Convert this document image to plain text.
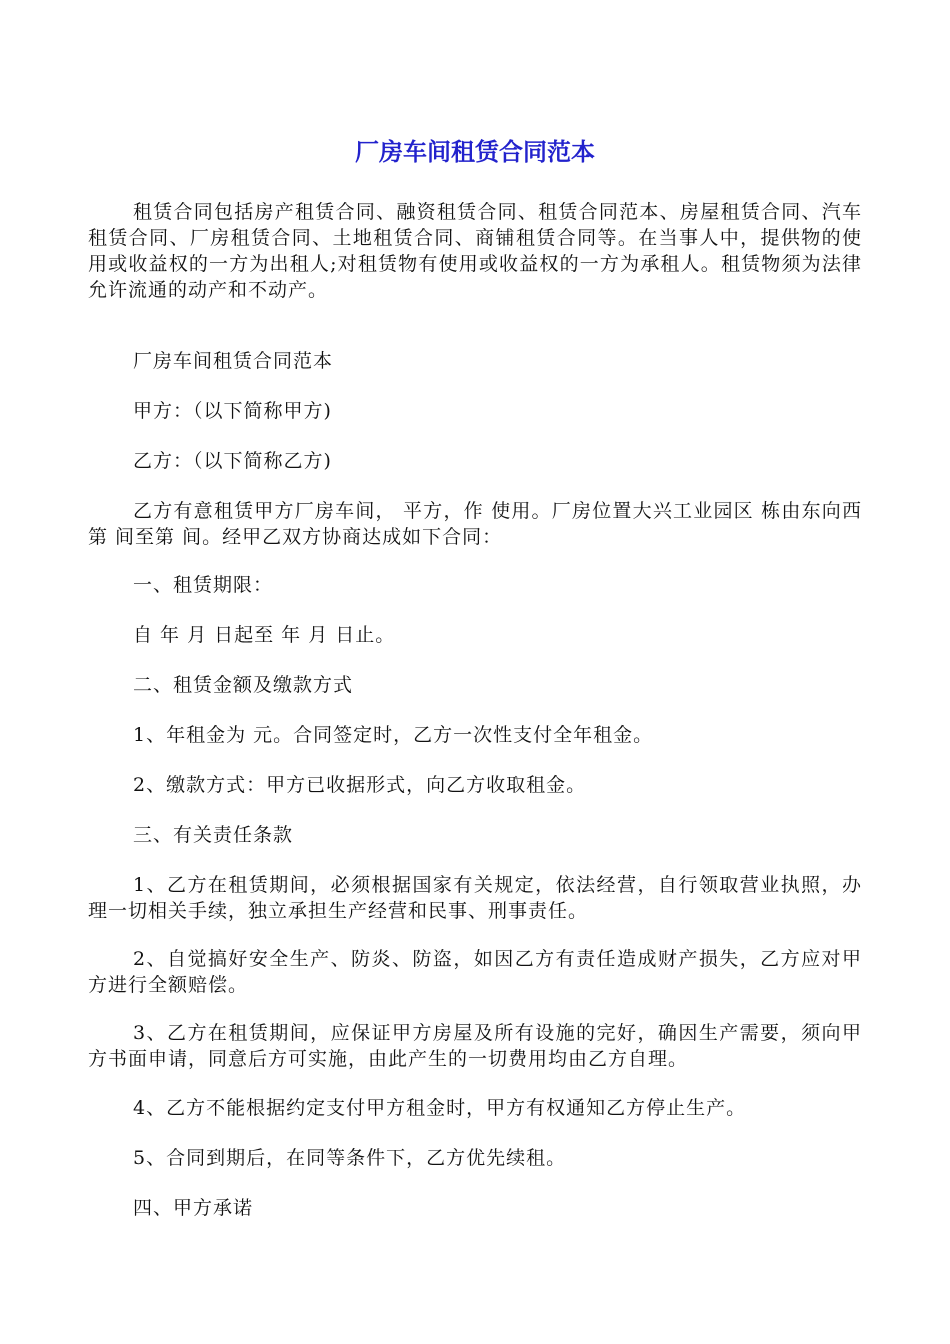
厂房车间租赁合同范本

租赁合同包括房产租赁合同、融资租赁合同、租赁合同范本、房屋租赁合同、汽车租赁合同、厂房租赁合同、土地租赁合同、商铺租赁合同等。在当事人中，提供物的使用或收益权的一方为出租人;对租赁物有使用或收益权的一方为承租人。租赁物须为法律允许流通的动产和不动产。

厂房车间租赁合同范本

甲方：（以下简称甲方)

乙方：（以下简称乙方)

乙方有意租赁甲方厂房车间， 平方，作 使用。厂房位置大兴工业园区 栋由东向西第 间至第 间。经甲乙双方协商达成如下合同：

一、租赁期限：

自 年 月 日起至 年 月 日止。

二、租赁金额及缴款方式

1、年租金为 元。合同签定时，乙方一次性支付全年租金。

2、缴款方式：甲方已收据形式，向乙方收取租金。

三、有关责任条款

1、乙方在租赁期间，必须根据国家有关规定，依法经营，自行领取营业执照，办理一切相关手续，独立承担生产经营和民事、刑事责任。

2、自觉搞好安全生产、防炎、防盗，如因乙方有责任造成财产损失，乙方应对甲方进行全额赔偿。

3、乙方在租赁期间，应保证甲方房屋及所有设施的完好，确因生产需要，须向甲方书面申请，同意后方可实施，由此产生的一切费用均由乙方自理。

4、乙方不能根据约定支付甲方租金时，甲方有权通知乙方停止生产。

5、合同到期后，在同等条件下，乙方优先续租。

四、甲方承诺
